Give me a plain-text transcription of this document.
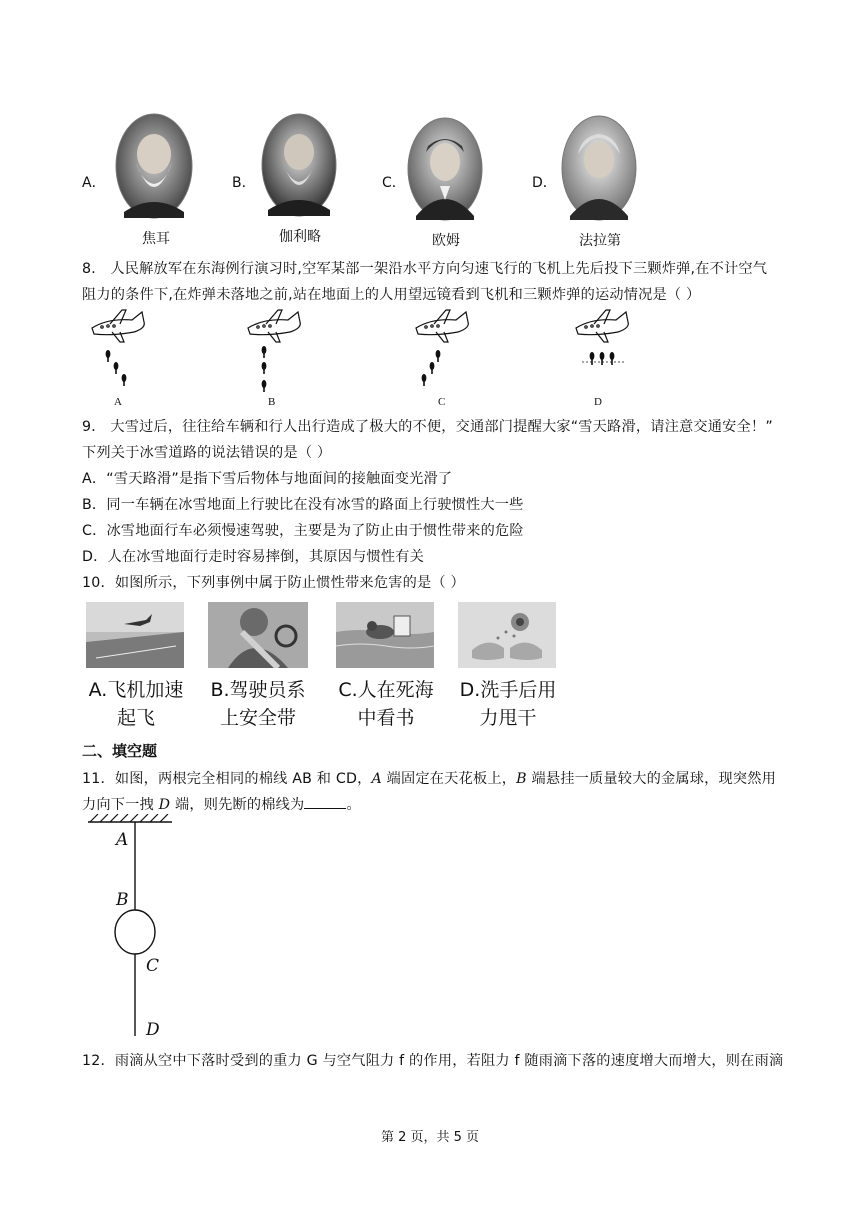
A．
焦耳
B．
伽利略
C．
欧姆
D．
法拉第
8． 人民解放军在东海例行演习时,空军某部一架沿水平方向匀速飞行的飞机上先后投下三颗炸弹,在不计空气
阻力的条件下,在炸弹未落地之前,站在地面上的人用望远镜看到飞机和三颗炸弹的运动情况是（ ）
A	B	C	D
9． 大雪过后，往往给车辆和行人出行造成了极大的不便，交通部门提醒大家“雪天路滑，请注意交通安全！”
下列关于冰雪道路的说法错误的是（ ）
A．“雪天路滑”是指下雪后物体与地面间的接触面变光滑了
B．同一车辆在冰雪地面上行驶比在没有冰雪的路面上行驶惯性大一些
C．冰雪地面行车必须慢速驾驶，主要是为了防止由于惯性带来的危险
D．人在冰雪地面行走时容易摔倒，其原因与惯性有关
10．如图所示，下列事例中属于防止惯性带来危害的是（ ）
A.飞机加速
起飞
B.驾驶员系
上安全带
C.人在死海
中看书
D.洗手后用
力甩干
二、填空题
11．如图，两根完全相同的棉线 AB 和 CD，A 端固定在天花板上，B 端悬挂一质量较大的金属球，现突然用
力向下一拽 D 端，则先断的棉线为	。
A
B
C
D
12．雨滴从空中下落时受到的重力 G 与空气阻力 f 的作用，若阻力 f 随雨滴下落的速度增大而增大，则在雨滴
第 2 页，共 5 页
